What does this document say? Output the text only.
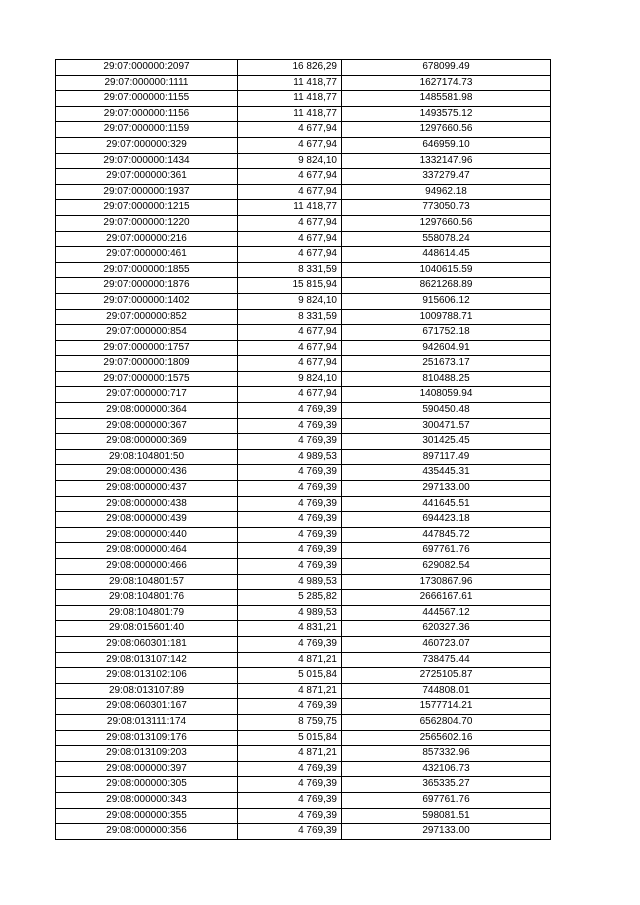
29:07:000000:2097	16 826,29	678099.49
29:07:000000:1111	11 418,77	1627174.73
29:07:000000:1155	11 418,77	1485581.98
29:07:000000:1156	11 418,77	1493575.12
29:07:000000:1159	4 677,94	1297660.56
29:07:000000:329	4 677,94	646959.10
29:07:000000:1434	9 824,10	1332147.96
29:07:000000:361	4 677,94	337279.47
29:07:000000:1937	4 677,94	94962.18
29:07:000000:1215	11 418,77	773050.73
29:07:000000:1220	4 677,94	1297660.56
29:07:000000:216	4 677,94	558078.24
29:07:000000:461	4 677,94	448614.45
29:07:000000:1855	8 331,59	1040615.59
29:07:000000:1876	15 815,94	8621268.89
29:07:000000:1402	9 824,10	915606.12
29:07:000000:852	8 331,59	1009788.71
29:07:000000:854	4 677,94	671752.18
29:07:000000:1757	4 677,94	942604.91
29:07:000000:1809	4 677,94	251673.17
29:07:000000:1575	9 824,10	810488.25
29:07:000000:717	4 677,94	1408059.94
29:08:000000:364	4 769,39	590450.48
29:08:000000:367	4 769,39	300471.57
29:08:000000:369	4 769,39	301425.45
29:08:104801:50	4 989,53	897117.49
29:08:000000:436	4 769,39	435445.31
29:08:000000:437	4 769,39	297133.00
29:08:000000:438	4 769,39	441645.51
29:08:000000:439	4 769,39	694423.18
29:08:000000:440	4 769,39	447845.72
29:08:000000:464	4 769,39	697761.76
29:08:000000:466	4 769,39	629082.54
29:08:104801:57	4 989,53	1730867.96
29:08:104801:76	5 285,82	2666167.61
29:08:104801:79	4 989,53	444567.12
29:08:015601:40	4 831,21	620327.36
29:08:060301:181	4 769,39	460723.07
29:08:013107:142	4 871,21	738475.44
29:08:013102:106	5 015,84	2725105.87
29:08:013107:89	4 871,21	744808.01
29:08:060301:167	4 769,39	1577714.21
29:08:013111:174	8 759,75	6562804.70
29:08:013109:176	5 015,84	2565602.16
29:08:013109:203	4 871,21	857332.96
29:08:000000:397	4 769,39	432106.73
29:08:000000:305	4 769,39	365335.27
29:08:000000:343	4 769,39	697761.76
29:08:000000:355	4 769,39	598081.51
29:08:000000:356	4 769,39	297133.00
